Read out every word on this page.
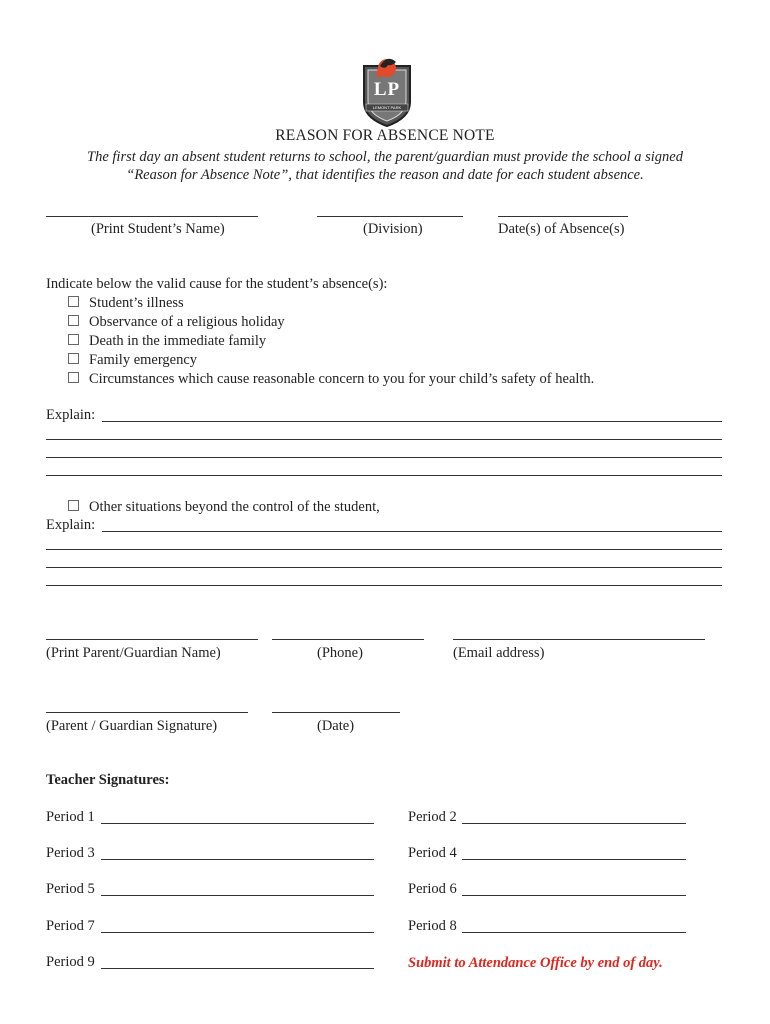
LP
LEMONT PARK
REASON FOR ABSENCE NOTE
The first day an absent student returns to school, the parent/guardian must provide the school a signed
“Reason for Absence Note”, that identifies the reason and date for each student absence.
(Print Student’s Name)	(Division)	Date(s) of Absence(s)
Indicate below the valid cause for the student’s absence(s):
Student’s illness
Observance of a religious holiday
Death in the immediate family
Family emergency
Circumstances which cause reasonable concern to you for your child’s safety of health.
Explain:
Other situations beyond the control of the student,
Explain:
(Print Parent/Guardian Name)	(Phone)	(Email address)
(Parent / Guardian Signature)	(Date)
Teacher Signatures:
Period 1	Period 2
Period 3	Period 4
Period 5	Period 6
Period 7	Period 8
Period 9	Submit to Attendance Office by end of day.
